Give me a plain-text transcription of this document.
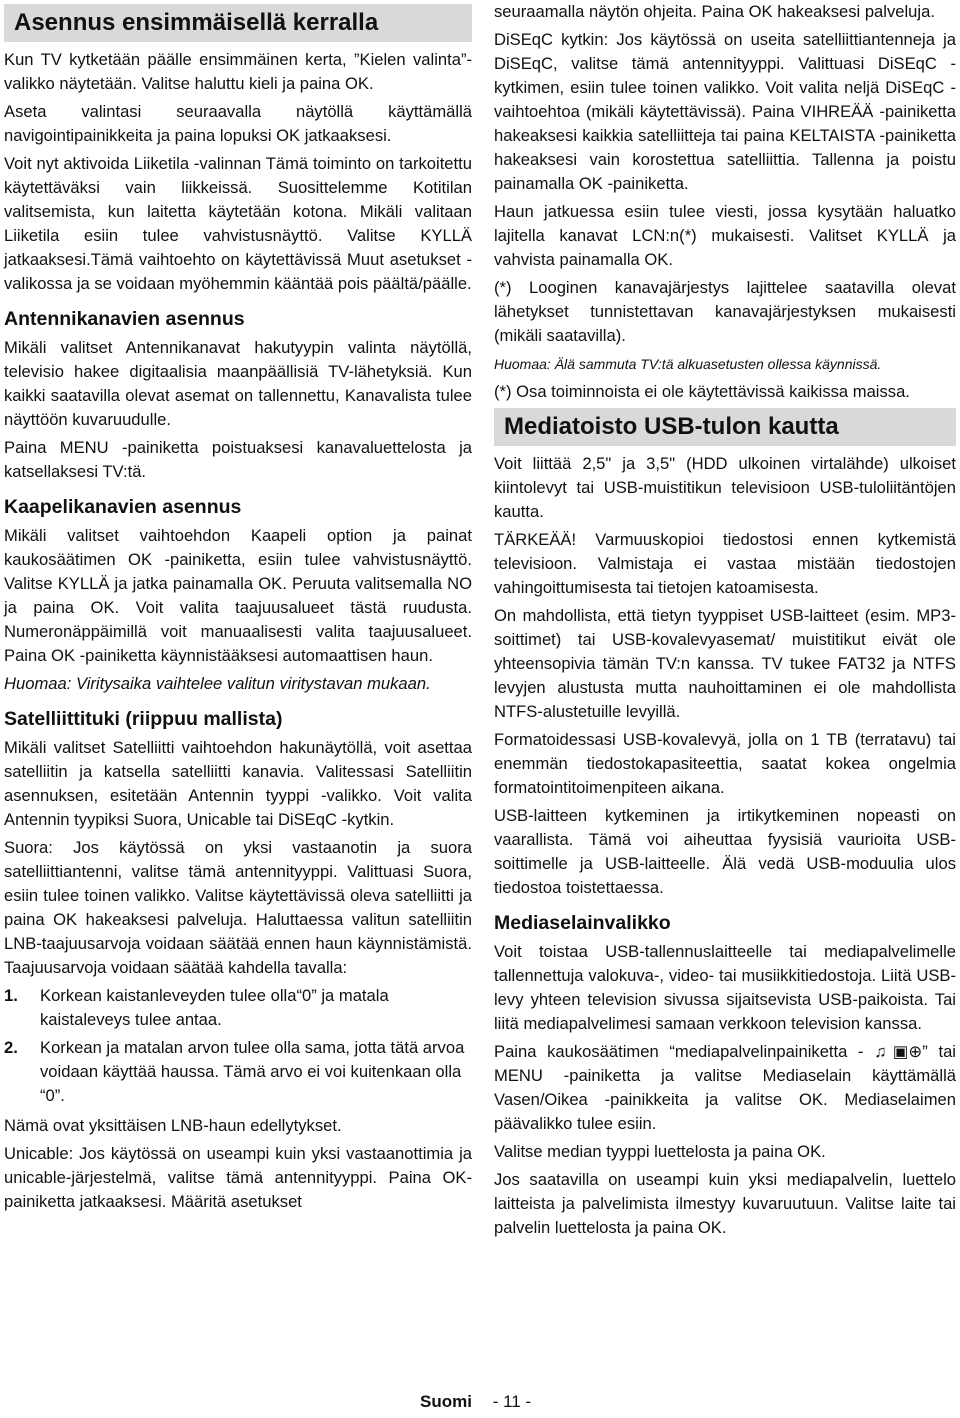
Asennus ensimmäisellä kerralla

Kun TV kytketään päälle ensimmäinen kerta, ”Kielen valinta”-valikko näytetään. Valitse haluttu kieli ja paina OK.

Aseta valintasi seuraavalla näytöllä käyttämällä navigointipainikkeita ja paina lopuksi OK jatkaaksesi.

Voit nyt aktivoida Liiketila -valinnan Tämä toiminto on tarkoitettu käytettäväksi vain liikkeissä. Suosittelemme Kotitilan valitsemista, kun laitetta käytetään kotona. Mikäli valitaan Liiketila esiin tulee vahvistusnäyttö. Valitse KYLLÄ jatkaaksesi.Tämä vaihtoehto on käytettävissä Muut asetukset -valikossa ja se voidaan myöhemmin kääntää pois päältä/päälle.

Antennikanavien asennus

Mikäli valitset Antennikanavat hakutyypin valinta näytöllä, televisio hakee digitaalisia maanpäällisiä TV-lähetyksiä. Kun kaikki saatavilla olevat asemat on tallennettu, Kanavalista tulee näyttöön kuvaruudulle.

Paina MENU -painiketta poistuaksesi kanavaluettelosta ja katsellaksesi TV:tä.

Kaapelikanavien asennus

Mikäli valitset vaihtoehdon Kaapeli option ja painat kaukosäätimen OK -painiketta, esiin tulee vahvistusnäyttö. Valitse KYLLÄ ja jatka painamalla OK. Peruuta valitsemalla NO ja paina OK. Voit valita taajuusalueet tästä ruudusta. Numeronäppäimillä voit manuaalisesti valita taajuusalueet. Paina OK -painiketta käynnistääksesi automaattisen haun.

Huomaa: Viritysaika vaihtelee valitun viritystavan mukaan.

Satelliittituki (riippuu mallista)

Mikäli valitset Satelliitti vaihtoehdon hakunäytöllä, voit asettaa satelliitin ja katsella satelliitti kanavia. Valitessasi Satelliitin asennuksen, esitetään Antennin tyyppi -valikko. Voit valita Antennin tyypiksi Suora, Unicable tai DiSEqC -kytkin.

Suora: Jos käytössä on yksi vastaanotin ja suora satelliittiantenni, valitse tämä antennityyppi. Valittuasi Suora, esiin tulee toinen valikko. Valitse käytettävissä oleva satelliitti ja paina OK hakeaksesi palveluja. Haluttaessa valitun satelliitin LNB-taajuusarvoja voidaan säätää ennen haun käynnistämistä. Taajuusarvoja voidaan säätää kahdella tavalla:

1.	Korkean kaistanleveyden tulee olla“0” ja matala kaistaleveys tulee antaa.
2.	Korkean ja matalan arvon tulee olla sama, jotta tätä arvoa voidaan käyttää haussa. Tämä arvo ei voi kuitenkaan olla “0”.

Nämä ovat yksittäisen LNB-haun edellytykset.

Unicable: Jos käytössä on useampi kuin yksi vastaanottimia ja unicable-järjestelmä, valitse tämä antennityyppi. Paina OK-painiketta jatkaaksesi. Määritä asetukset

seuraamalla näytön ohjeita. Paina OK hakeaksesi palveluja.

DiSEqC kytkin: Jos käytössä on useita satelliittiantenneja ja DiSEqC, valitse tämä antennityyppi. Valittuasi DiSEqC -kytkimen, esiin tulee toinen valikko. Voit valita neljä DiSEqC -vaihtoehtoa (mikäli käytettävissä). Paina VIHREÄÄ -painiketta hakeaksesi kaikkia satelliitteja tai paina KELTAISTA -painiketta hakeaksesi vain korostettua satelliittia. Tallenna ja poistu painamalla OK -painiketta.

Haun jatkuessa esiin tulee viesti, jossa kysytään haluatko lajitella kanavat LCN:n(*) mukaisesti. Valitset KYLLÄ ja vahvista painamalla OK.

(*) Looginen kanavajärjestys lajittelee saatavilla olevat lähetykset tunnistettavan kanavajärjestyksen mukaisesti (mikäli saatavilla).

Huomaa: Älä sammuta TV:tä alkuasetusten ollessa käynnissä.

(*) Osa toiminnoista ei ole käytettävissä kaikissa maissa.

Mediatoisto USB-tulon kautta

Voit liittää 2,5" ja 3,5" (HDD ulkoinen virtalähde) ulkoiset kiintolevyt tai USB-muistitikun televisioon USB-tuloliitäntöjen kautta.

TÄRKEÄÄ! Varmuuskopioi tiedostosi ennen kytkemistä televisioon. Valmistaja ei vastaa mistään tiedostojen vahingoittumisesta tai tietojen katoamisesta.

On mahdollista, että tietyn tyyppiset USB-laitteet (esim. MP3-soittimet) tai USB-kovalevyasemat/ muistitikut eivät ole yhteensopivia tämän TV:n kanssa. TV tukee FAT32 ja NTFS levyjen alustusta mutta nauhoittaminen ei ole mahdollista NTFS-alustetuille levyillä.

Formatoidessasi USB-kovalevyä, jolla on 1 TB (terratavu) tai enemmän tiedostokapasiteettia, saatat kokea ongelmia formatointitoimenpiteen aikana.

USB-laitteen kytkeminen ja irtikytkeminen nopeasti on vaarallista. Tämä voi aiheuttaa fyysisiä vaurioita USB-soittimelle ja USB-laitteelle. Älä vedä USB-moduulia ulos tiedostoa toistettaessa.

Mediaselainvalikko

Voit toistaa USB-tallennuslaitteelle tai mediapalvelimelle tallennettuja valokuva-, video- tai musiikkitiedostoja. Liitä USB-levy yhteen television sivussa sijaitsevista USB-paikoista. Tai liitä mediapalvelimesi samaan verkkoon television kanssa.

Paina kaukosäätimen “mediapalvelinpainiketta - ♫▣⊕” tai MENU -painiketta ja valitse Mediaselain käyttämällä Vasen/Oikea -painikkeita ja valitse OK. Mediaselaimen päävalikko tulee esiin.

Valitse median tyyppi luettelosta ja paina OK.

Jos saatavilla on useampi kuin yksi mediapalvelin, luettelo laitteista ja palvelimista ilmestyy kuvaruutuun. Valitse laite tai palvelin luettelosta ja paina OK.

Suomi - 11 -
